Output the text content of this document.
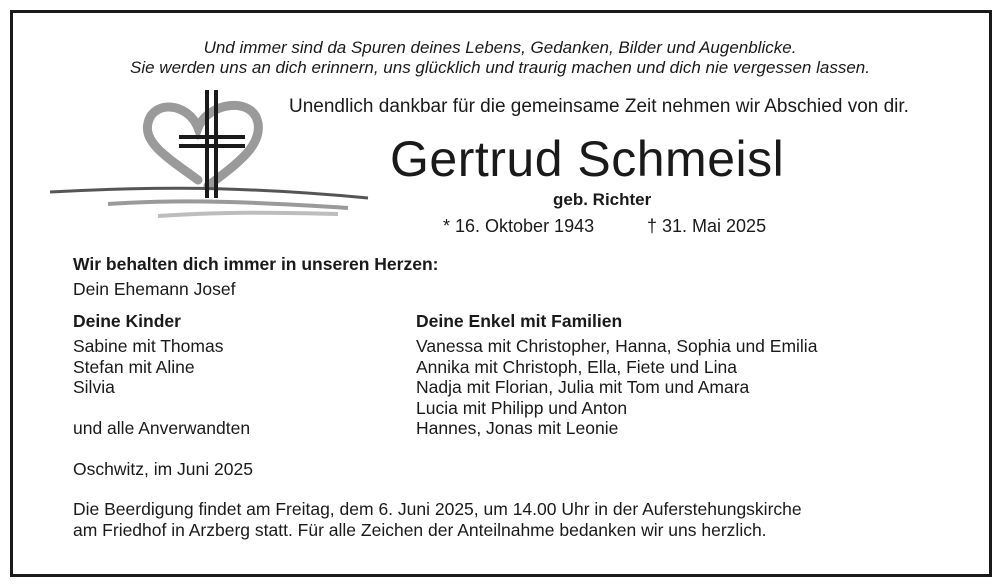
Und immer sind da Spuren deines Lebens, Gedanken, Bilder und Augenblicke.
Sie werden uns an dich erinnern, uns glücklich und traurig machen und dich nie vergessen lassen.
Unendlich dankbar für die gemeinsame Zeit nehmen wir Abschied von dir.
Gertrud Schmeisl
geb. Richter
* 16. Oktober 1943	† 31. Mai 2025
Wir behalten dich immer in unseren Herzen:
Dein Ehemann Josef
Deine Kinder
Sabine mit Thomas
Stefan mit Aline
Silvia
und alle Anverwandten
Deine Enkel mit Familien
Vanessa mit Christopher, Hanna, Sophia und Emilia
Annika mit Christoph, Ella, Fiete und Lina
Nadja mit Florian, Julia mit Tom und Amara
Lucia mit Philipp und Anton
Hannes, Jonas mit Leonie
Oschwitz, im Juni 2025
Die Beerdigung findet am Freitag, dem 6. Juni 2025, um 14.00 Uhr in der Auferstehungskirche
am Friedhof in Arzberg statt. Für alle Zeichen der Anteilnahme bedanken wir uns herzlich.
